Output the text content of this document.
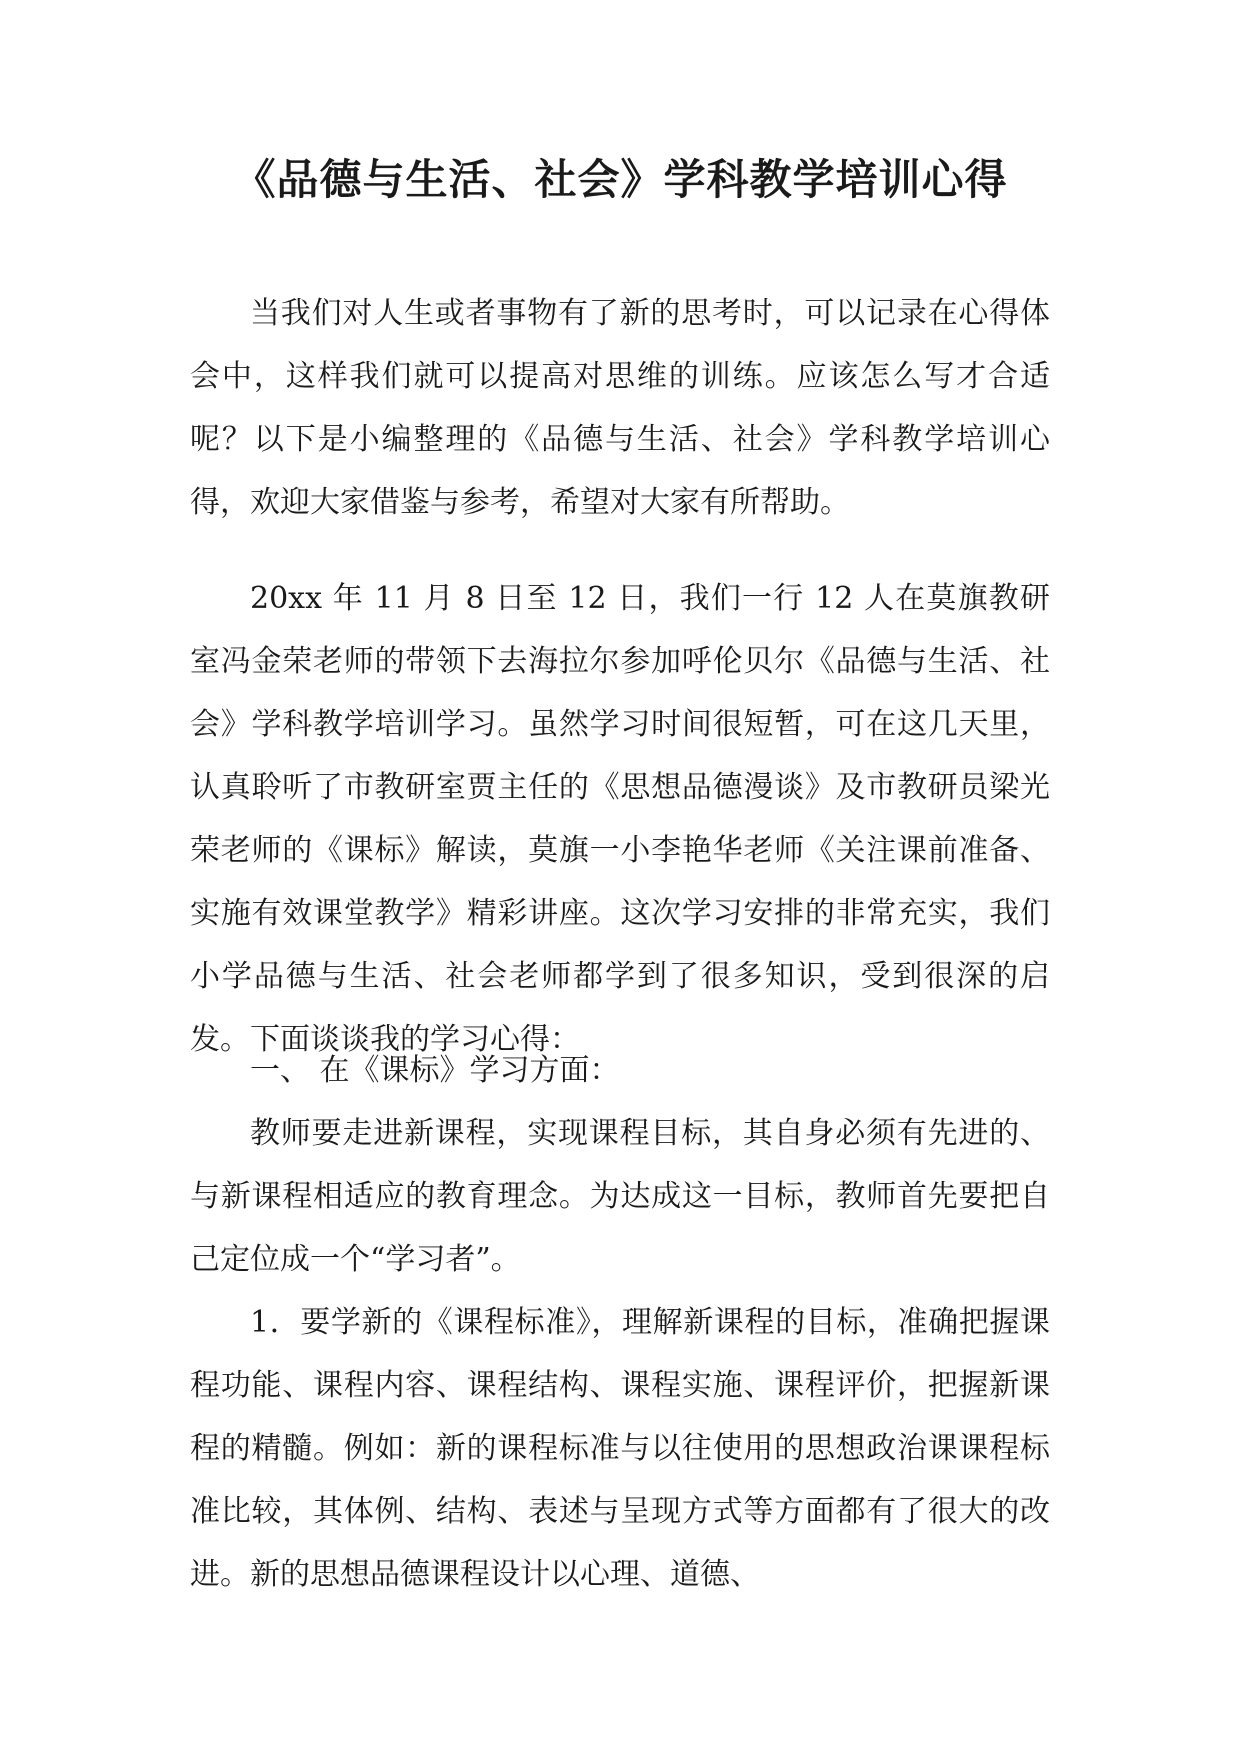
《品德与生活、社会》学科教学培训心得

当我们对人生或者事物有了新的思考时，可以记录在心得体会中，这样我们就可以提高对思维的训练。应该怎么写才合适呢？以下是小编整理的《品德与生活、社会》学科教学培训心得，欢迎大家借鉴与参考，希望对大家有所帮助。

20xx 年 11 月 8 日至 12 日，我们一行 12 人在莫旗教研室冯金荣老师的带领下去海拉尔参加呼伦贝尔《品德与生活、社会》学科教学培训学习。虽然学习时间很短暂，可在这几天里，认真聆听了市教研室贾主任的《思想品德漫谈》及市教研员梁光荣老师的《课标》解读，莫旗一小李艳华老师《关注课前准备、实施有效课堂教学》精彩讲座。这次学习安排的非常充实，我们小学品德与生活、社会老师都学到了很多知识，受到很深的启发。下面谈谈我的学习心得：

一、 在《课标》学习方面：

教师要走进新课程，实现课程目标，其自身必须有先进的、与新课程相适应的教育理念。为达成这一目标，教师首先要把自己定位成一个“学习者”。

1．要学新的《课程标准》，理解新课程的目标，准确把握课程功能、课程内容、课程结构、课程实施、课程评价，把握新课程的精髓。例如：新的课程标准与以往使用的思想政治课课程标准比较，其体例、结构、表述与呈现方式等方面都有了很大的改进。新的思想品德课程设计以心理、道德、
